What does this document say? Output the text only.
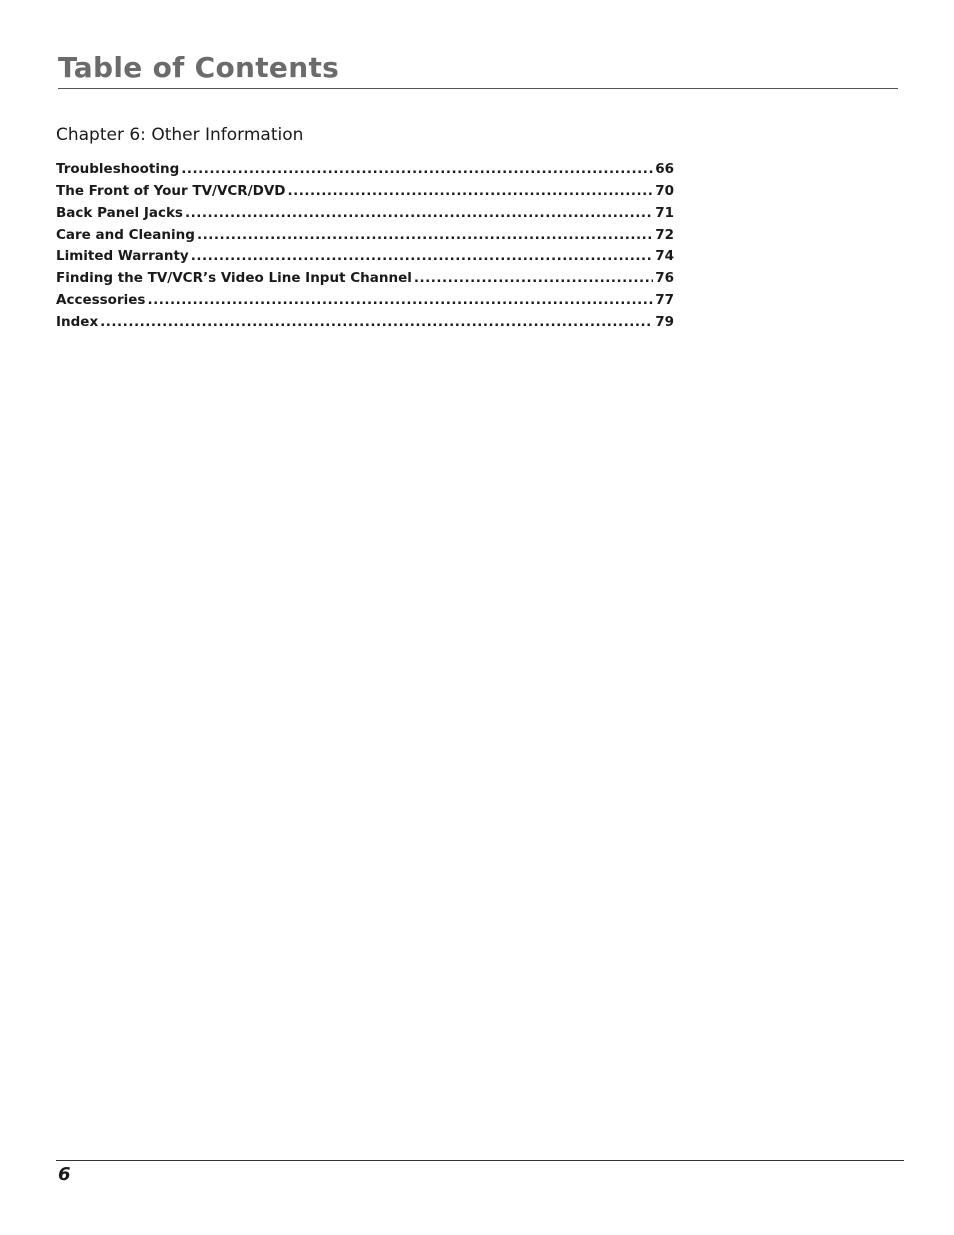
Table of Contents
Chapter 6: Other Information
Troubleshooting .....	66
The Front of Your TV/VCR/DVD .....	70
Back Panel Jacks .....	71
Care and Cleaning .....	72
Limited Warranty .....	74
Finding the TV/VCR’s Video Line Input Channel .....	76
Accessories .....	77
Index .....	79
6
